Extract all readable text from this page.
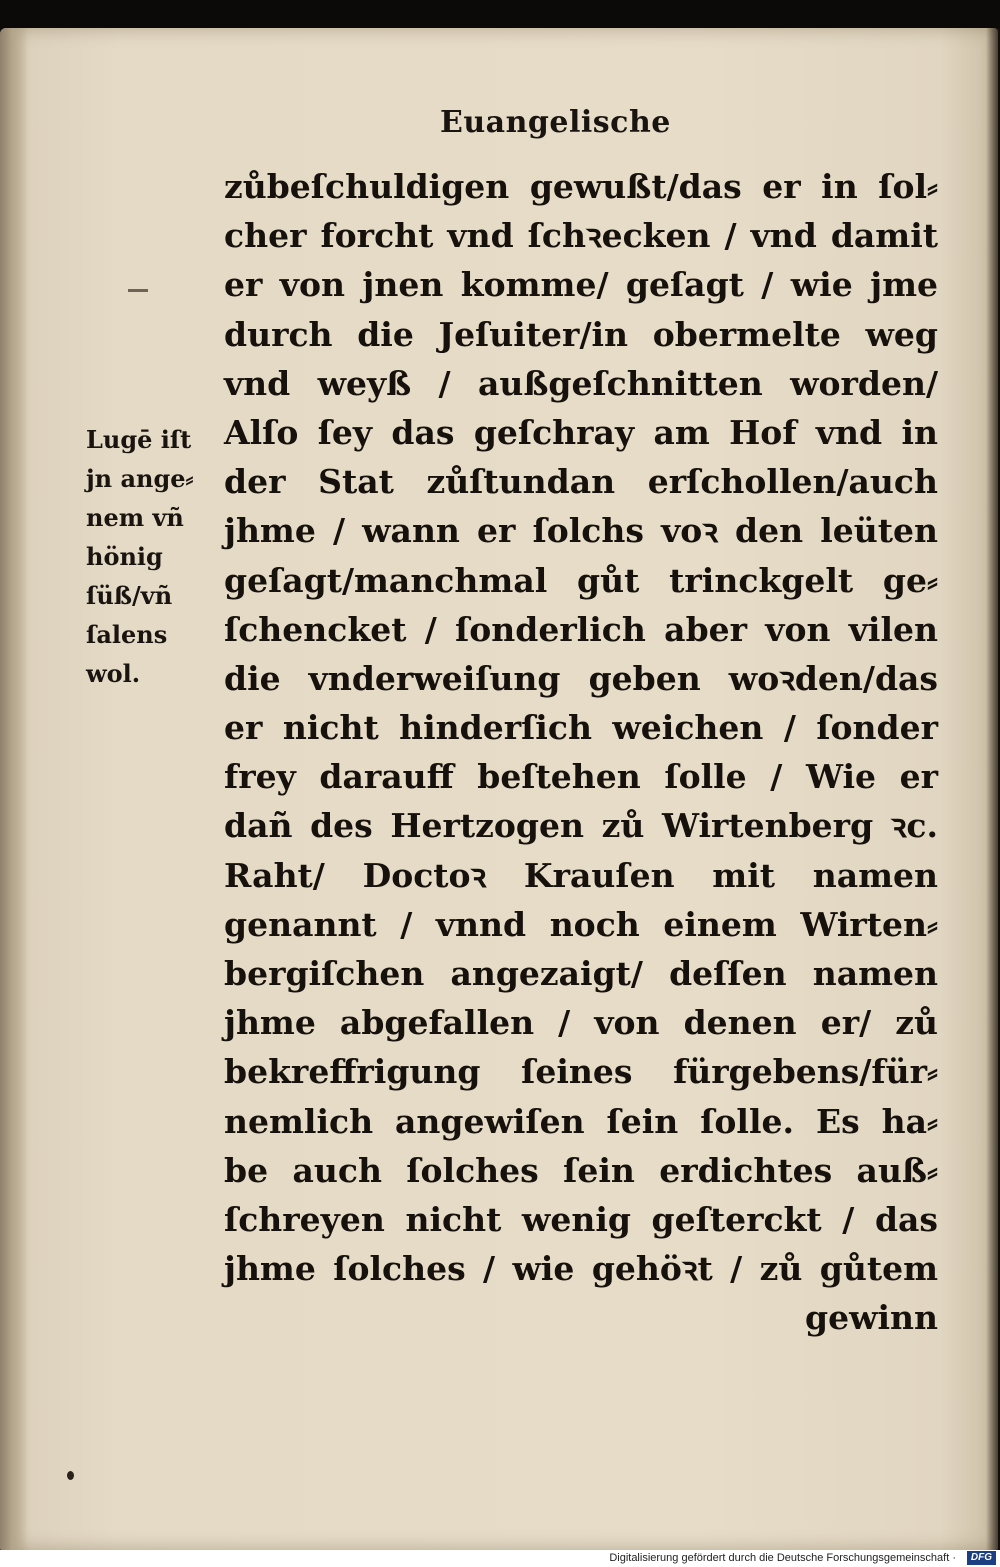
Euangelische
Lugē iſt
jn ange⸗
nem vñ
hönig
ſüß/vñ
ſalens
wol.
zůbeſchuldigen gewußt/das er in ſol⸗
cher forcht vnd ſchꝛecken / vnd damit
er von jnen komme/ geſagt / wie jme
durch die Jeſuiter/in obermelte weg
vnd weyß / außgeſchnitten worden/
Alſo ſey das geſchray am Hof vnd in
der Stat zůſtundan erſchollen/auch
jhme / wann er ſolchs voꝛ den leüten
geſagt/manchmal gůt trinckgelt ge⸗
ſchencket / ſonderlich aber von vilen
die vnderweiſung geben woꝛden/das
er nicht hinderſich weichen / ſonder
frey darauff beſtehen ſolle / Wie er
dañ des Hertzogen zů Wirtenberg ꝛc.
Raht/ Doctoꝛ Krauſen mit namen
genannt / vnnd noch einem Wirten⸗
bergiſchen angezaigt/ deſſen namen
jhme abgefallen / von denen er/ zů
bekreffrigung ſeines fürgebens/für⸗
nemlich angewiſen ſein ſolle. Es ha⸗
be auch ſolches ſein erdichtes auß⸗
ſchreyen nicht wenig geſterckt / das
jhme ſolches / wie gehöꝛt / zů gůtem
gewinn
Digitalisierung gefördert durch die Deutsche Forschungsgemeinschaft ·	DFG
